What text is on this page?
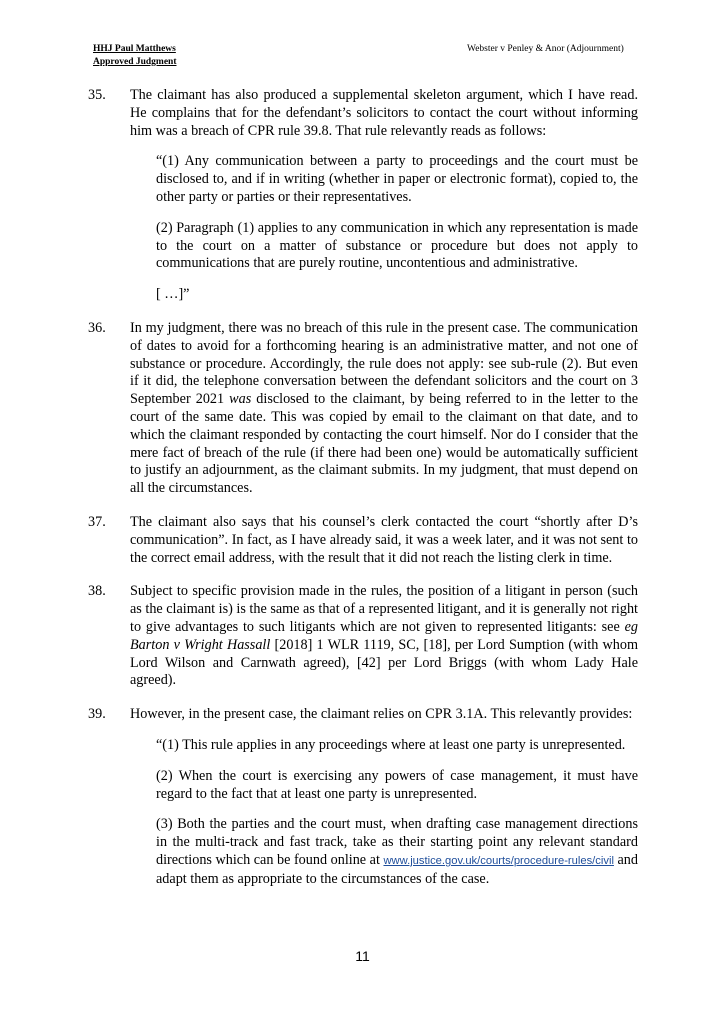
HHJ Paul Matthews
Approved Judgment
Webster v Penley & Anor (Adjournment)
35.	The claimant has also produced a supplemental skeleton argument, which I have read. He complains that for the defendant’s solicitors to contact the court without informing him was a breach of CPR rule 39.8. That rule relevantly reads as follows:

“(1) Any communication between a party to proceedings and the court must be disclosed to, and if in writing (whether in paper or electronic format), copied to, the other party or parties or their representatives.

(2) Paragraph (1) applies to any communication in which any representation is made to the court on a matter of substance or procedure but does not apply to communications that are purely routine, uncontentious and administrative.

[ …]”

36.	In my judgment, there was no breach of this rule in the present case. The communication of dates to avoid for a forthcoming hearing is an administrative matter, and not one of substance or procedure. Accordingly, the rule does not apply: see sub-rule (2). But even if it did, the telephone conversation between the defendant solicitors and the court on 3 September 2021 was disclosed to the claimant, by being referred to in the letter to the court of the same date. This was copied by email to the claimant on that date, and to which the claimant responded by contacting the court himself. Nor do I consider that the mere fact of breach of the rule (if there had been one) would be automatically sufficient to justify an adjournment, as the claimant submits. In my judgment, that must depend on all the circumstances.

37.	The claimant also says that his counsel’s clerk contacted the court “shortly after D’s communication”. In fact, as I have already said, it was a week later, and it was not sent to the correct email address, with the result that it did not reach the listing clerk in time.

38.	Subject to specific provision made in the rules, the position of a litigant in person (such as the claimant is) is the same as that of a represented litigant, and it is generally not right to give advantages to such litigants which are not given to represented litigants: see eg Barton v Wright Hassall [2018] 1 WLR 1119, SC, [18], per Lord Sumption (with whom Lord Wilson and Carnwath agreed), [42] per Lord Briggs (with whom Lady Hale agreed).

39.	However, in the present case, the claimant relies on CPR 3.1A. This relevantly provides:

“(1) This rule applies in any proceedings where at least one party is unrepresented.

(2) When the court is exercising any powers of case management, it must have regard to the fact that at least one party is unrepresented.

(3) Both the parties and the court must, when drafting case management directions in the multi-track and fast track, take as their starting point any relevant standard directions which can be found online at www.justice.gov.uk/courts/procedure-rules/civil and adapt them as appropriate to the circumstances of the case.

11
